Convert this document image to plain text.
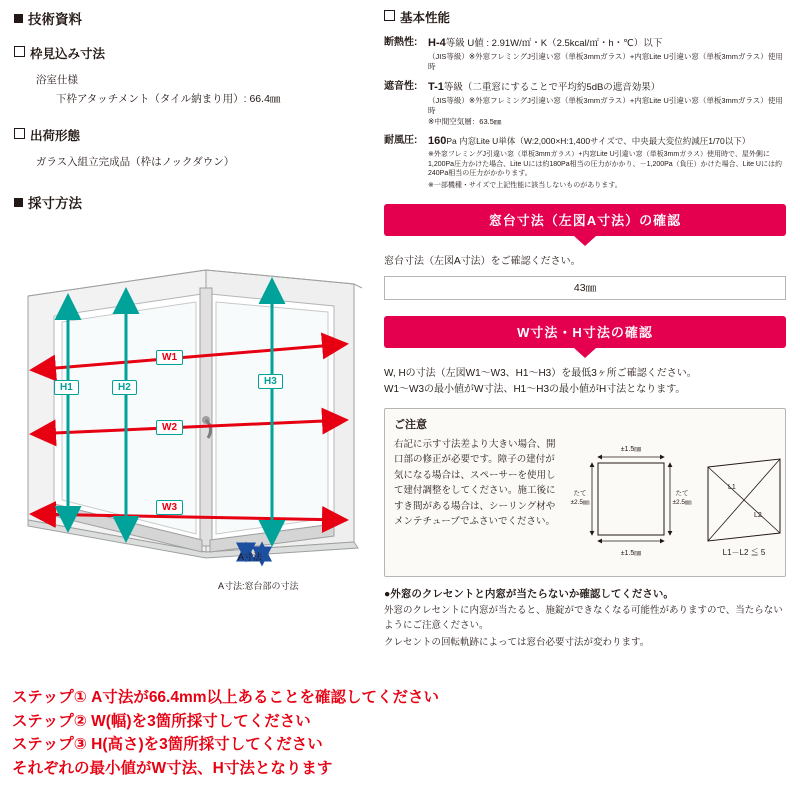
技術資料
枠見込み寸法
浴室仕様
下枠アタッチメント（タイル納まり用）: 66.4㎜
出荷形態
ガラス入組立完成品（枠はノックダウン）
採寸方法
H1	H2
H3
W1
W2
W3
A寸法
A寸法:窓台部の寸法
基本性能
断熱性: H-4等級 U値 : 2.91W/㎡・K（2.5kcal/㎡・h・℃）以下
（JIS等級）※外窓フレミングJ引違い窓（単板3mmガラス）+内窓Lite U引違い窓（単板3mmガラス）使用時
遮音性: T-1等級（二重窓にすることで平均約5dBの遮音効果）
（JIS等級）※外窓フレミングJ引違い窓（単板3mmガラス）+内窓Lite U引違い窓（単板3mmガラス）使用時
※中間空気層：63.5㎜
耐風圧: 160Pa 内窓Lite U単体（W:2,000×H:1,400サイズで、中央最大変位約減圧1/70以下）
※外窓フレミングJ引違い窓（単板3mmガラス）+内窓Lite U引違い窓（単板3mmガラス）使用時で、屋外側に1,200Pa圧力かけた場合、Lite Uには約180Pa相当の圧力がかかり、－1,200Pa（負圧）かけた場合、Lite Uには約240Pa相当の圧力がかかります。
※一部機種・サイズで上記性能に該当しないものがあります。
窓台寸法（左図A寸法）の確認
窓台寸法（左図A寸法）をご確認ください。
43㎜
W寸法・H寸法の確認
W, Hの寸法（左図W1～W3、H1～H3）を最低3ヶ所ご確認ください。
W1～W3の最小値がW寸法、H1～H3の最小値がH寸法となります。
ご注意
右記に示す寸法差より大きい場合、開口部の修正が必要です。障子の建付が気になる場合は、スペーサーを使用して建付調整をしてください。施工後にすき間がある場合は、シーリング材やメンテチューブでふさいでください。
±1.5㎜
±1.5㎜
たて
±2.5㎜
たて
±2.5㎜
L1
L2
L1－L2 ≦ 5
●外窓のクレセントと内窓が当たらないか確認してください。
外窓のクレセントに内窓が当たると、施錠ができなくなる可能性がありますので、当たらないようにご注意ください。
クレセントの回転軌跡によっては窓台必要寸法が変わります。
ステップ① A寸法が66.4mm以上あることを確認してください
ステップ② W(幅)を3箇所採寸してください
ステップ③ H(高さ)を3箇所採寸してください
それぞれの最小値がW寸法、H寸法となります
